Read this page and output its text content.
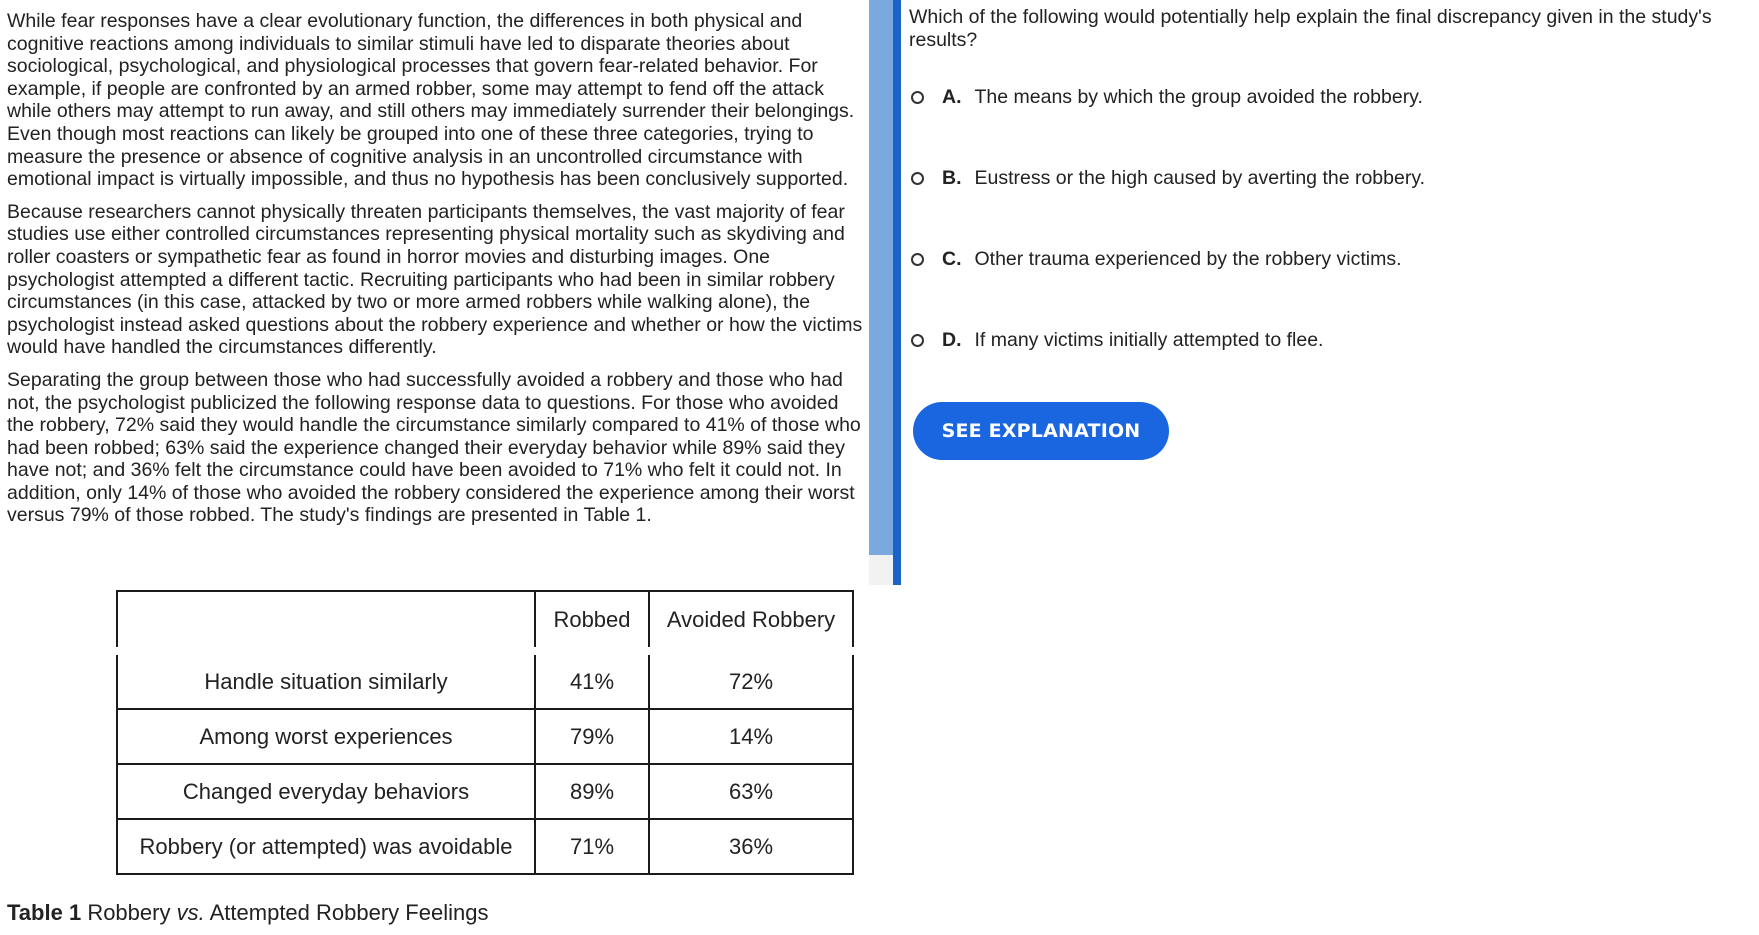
While fear responses have a clear evolutionary function, the differences in both physical and cognitive reactions among individuals to similar stimuli have led to disparate theories about sociological, psychological, and physiological processes that govern fear-related behavior. For example, if people are confronted by an armed robber, some may attempt to fend off the attack while others may attempt to run away, and still others may immediately surrender their belongings. Even though most reactions can likely be grouped into one of these three categories, trying to measure the presence or absence of cognitive analysis in an uncontrolled circumstance with emotional impact is virtually impossible, and thus no hypothesis has been conclusively supported.

Because researchers cannot physically threaten participants themselves, the vast majority of fear studies use either controlled circumstances representing physical mortality such as skydiving and roller coasters or sympathetic fear as found in horror movies and disturbing images. One psychologist attempted a different tactic. Recruiting participants who had been in similar robbery circumstances (in this case, attacked by two or more armed robbers while walking alone), the psychologist instead asked questions about the robbery experience and whether or how the victims would have handled the circumstances differently.

Separating the group between those who had successfully avoided a robbery and those who had not, the psychologist publicized the following response data to questions. For those who avoided the robbery, 72% said they would handle the circumstance similarly compared to 41% of those who had been robbed; 63% said the experience changed their everyday behavior while 89% said they have not; and 36% felt the circumstance could have been avoided to 71% who felt it could not. In addition, only 14% of those who avoided the robbery considered the experience among their worst versus 79% of those robbed. The study's findings are presented in Table 1.

	Robbed	Avoided Robbery
Handle situation similarly	41%	72%
Among worst experiences	79%	14%
Changed everyday behaviors	89%	63%
Robbery (or attempted) was avoidable	71%	36%
Table 1 Robbery vs. Attempted Robbery Feelings

Which of the following would potentially help explain the final discrepancy given in the study's results?

A. The means by which the group avoided the robbery.
B. Eustress or the high caused by averting the robbery.
C. Other trauma experienced by the robbery victims.
D. If many victims initially attempted to flee.
SEE EXPLANATION
